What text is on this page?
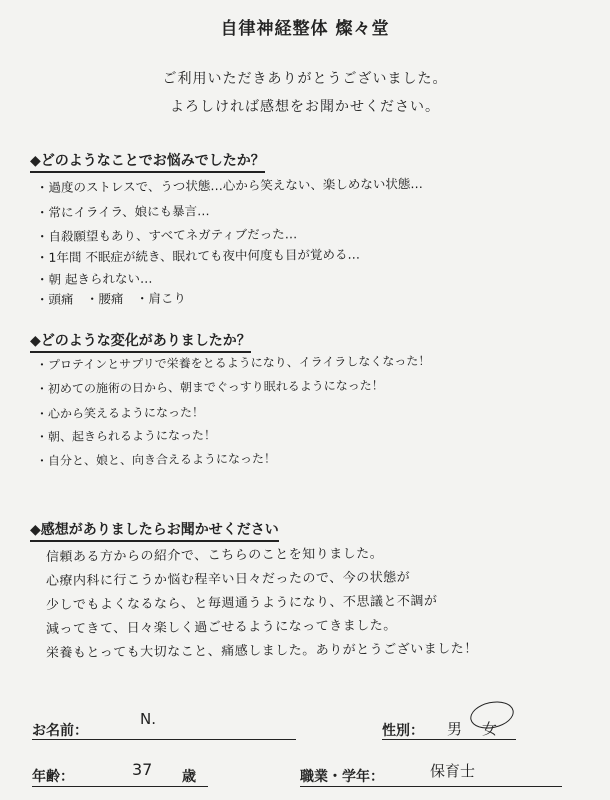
自律神経整体 燦々堂
ご利用いただきありがとうございました。
よろしければ感想をお聞かせください。
◆どのようなことでお悩みでしたか？
・過度のストレスで、うつ状態…心から笑えない、楽しめない状態…
・常にイライラ、娘にも暴言…
・自殺願望もあり、すべてネガティブだった…
・1年間 不眠症が続き、眠れても夜中何度も目が覚める…
・朝 起きられない…
・頭痛　・腰痛　・肩こり
◆どのような変化がありましたか？
・プロテインとサプリで栄養をとるようになり、イライラしなくなった！
・初めての施術の日から、朝までぐっすり眠れるようになった！
・心から笑えるようになった！
・朝、起きられるようになった！
・自分と、娘と、向き合えるようになった！
◆感想がありましたらお聞かせください
信頼ある方からの紹介で、こちらのことを知りました。
心療内科に行こうか悩む程辛い日々だったので、今の状態が
少しでもよくなるなら、と毎週通うようになり、不思議と不調が
減ってきて、日々楽しく過ごせるようになってきました。
栄養もとっても大切なこと、痛感しました。ありがとうございました！
お名前：
N.
性別： 男 女
年齢：	37 歳	職業・学年：	保育士
